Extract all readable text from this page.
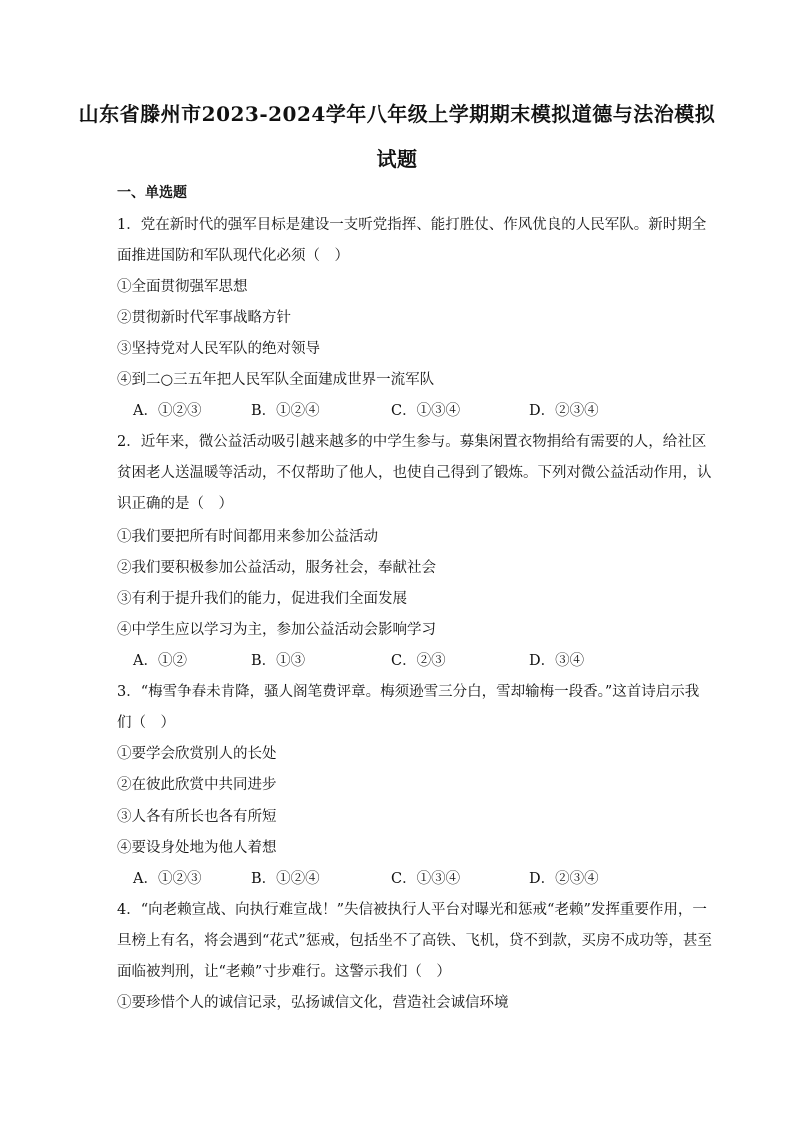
山东省滕州市2023-2024学年八年级上学期期末模拟道德与法治模拟
试题
一、单选题
1．党在新时代的强军目标是建设一支听党指挥、能打胜仗、作风优良的人民军队。新时期全
面推进国防和军队现代化必须（　）
①全面贯彻强军思想
②贯彻新时代军事战略方针
③坚持党对人民军队的绝对领导
④到二○三五年把人民军队全面建成世界一流军队
A．①②③	B．①②④	C．①③④	D．②③④
2．近年来，微公益活动吸引越来越多的中学生参与。募集闲置衣物捐给有需要的人，给社区
贫困老人送温暖等活动，不仅帮助了他人，也使自己得到了锻炼。下列对微公益活动作用，认
识正确的是（　）
①我们要把所有时间都用来参加公益活动
②我们要积极参加公益活动，服务社会，奉献社会
③有利于提升我们的能力，促进我们全面发展
④中学生应以学习为主，参加公益活动会影响学习
A．①②	B．①③	C．②③	D．③④
3．“梅雪争春未肯降，骚人阁笔费评章。梅须逊雪三分白，雪却输梅一段香。”这首诗启示我
们（　）
①要学会欣赏别人的长处
②在彼此欣赏中共同进步
③人各有所长也各有所短
④要设身处地为他人着想
A．①②③	B．①②④	C．①③④	D．②③④
4．“向老赖宣战、向执行难宣战！”失信被执行人平台对曝光和惩戒“老赖”发挥重要作用，一
旦榜上有名，将会遇到“花式”惩戒，包括坐不了高铁、飞机，贷不到款，买房不成功等，甚至
面临被判刑，让“老赖”寸步难行。这警示我们（　）
①要珍惜个人的诚信记录，弘扬诚信文化，营造社会诚信环境
